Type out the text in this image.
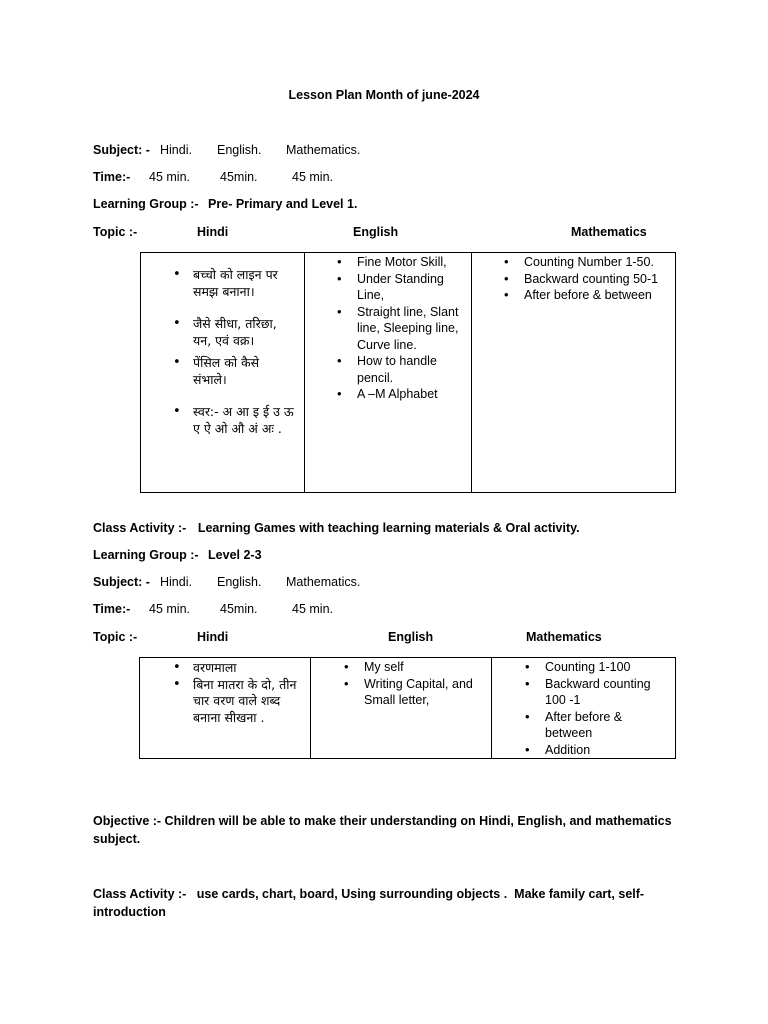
Lesson Plan Month of june-2024
Subject: - Hindi. English. Mathematics.
Time:- 45 min. 45min.	45 min.
Learning Group :- Pre- Primary and Level 1.
Topic :-	Hindi	English	Mathematics
• बच्चो को लाइन पर समझ बनाना।
• जैसे सीधा, तरिछा, यन, एवं वक्र।
• पेंसिल को कैसे संभाले।
• स्वर:- अ आ इ ई उ ऊ ए ऐ ओ औ अं अः .

• Fine Motor Skill,
• Under Standing Line,
• Straight line, Slant line, Sleeping line, Curve line.
• How to handle pencil.
• A –M Alphabet

• Counting Number 1-50.
• Backward counting 50-1
• After before & between
Class Activity :- Learning Games with teaching learning materials & Oral activity.
Learning Group :- Level 2-3
Subject: - Hindi. English. Mathematics.
Time:- 45 min. 45min.	45 min.
Topic :-	Hindi	English	Mathematics
• वरणमाला
• बिना मातरा के दो, तीन चार वरण वाले शब्द बनाना सीखना .

• My self
• Writing Capital, and Small letter,

• Counting 1-100
• Backward counting 100 -1
• After before & between
• Addition
Objective :- Children will be able to make their understanding on Hindi, English, and mathematics subject.
Class Activity :-   use cards, chart, board, Using surrounding objects .  Make family cart, self-introduction
